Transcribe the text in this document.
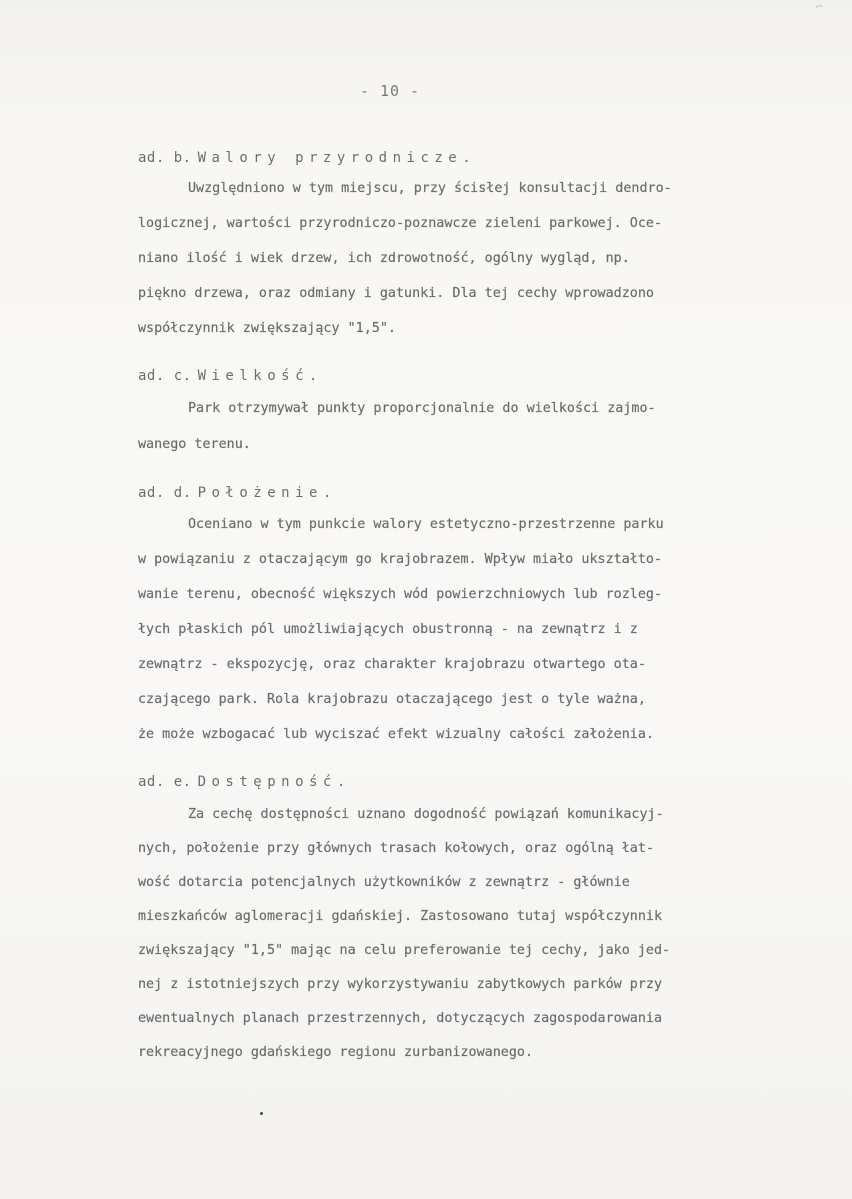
⌐
- 10 -
ad. b. Walory przyrodnicze.
Uwzględniono w tym miejscu, przy ścisłej konsultacji dendro-
logicznej, wartości przyrodniczo-poznawcze zieleni parkowej. Oce-
niano ilość i wiek drzew, ich zdrowotność, ogólny wygląd, np.
piękno drzewa, oraz odmiany i gatunki. Dla tej cechy wprowadzono
współczynnik zwiększający "1,5".
ad. c. Wielkość.
Park otrzymywał punkty proporcjonalnie do wielkości zajmo-
wanego terenu.
ad. d. Położenie.
Oceniano w tym punkcie walory estetyczno-przestrzenne parku
w powiązaniu z otaczającym go krajobrazem. Wpływ miało ukształto-
wanie terenu, obecność większych wód powierzchniowych lub rozleg-
łych płaskich pól umożliwiających obustronną - na zewnątrz i z
zewnątrz - ekspozycję, oraz charakter krajobrazu otwartego ota-
czającego park. Rola krajobrazu otaczającego jest o tyle ważna,
że może wzbogacać lub wyciszać efekt wizualny całości założenia.
ad. e. Dostępność.
Za cechę dostępności uznano dogodność powiązań komunikacyj-
nych, położenie przy głównych trasach kołowych, oraz ogólną łat-
wość dotarcia potencjalnych użytkowników z zewnątrz - głównie
mieszkańców aglomeracji gdańskiej. Zastosowano tutaj współczynnik
zwiększający "1,5" mając na celu preferowanie tej cechy, jako jed-
nej z istotniejszych przy wykorzystywaniu zabytkowych parków przy
ewentualnych planach przestrzennych, dotyczących zagospodarowania
rekreacyjnego gdańskiego regionu zurbanizowanego.
